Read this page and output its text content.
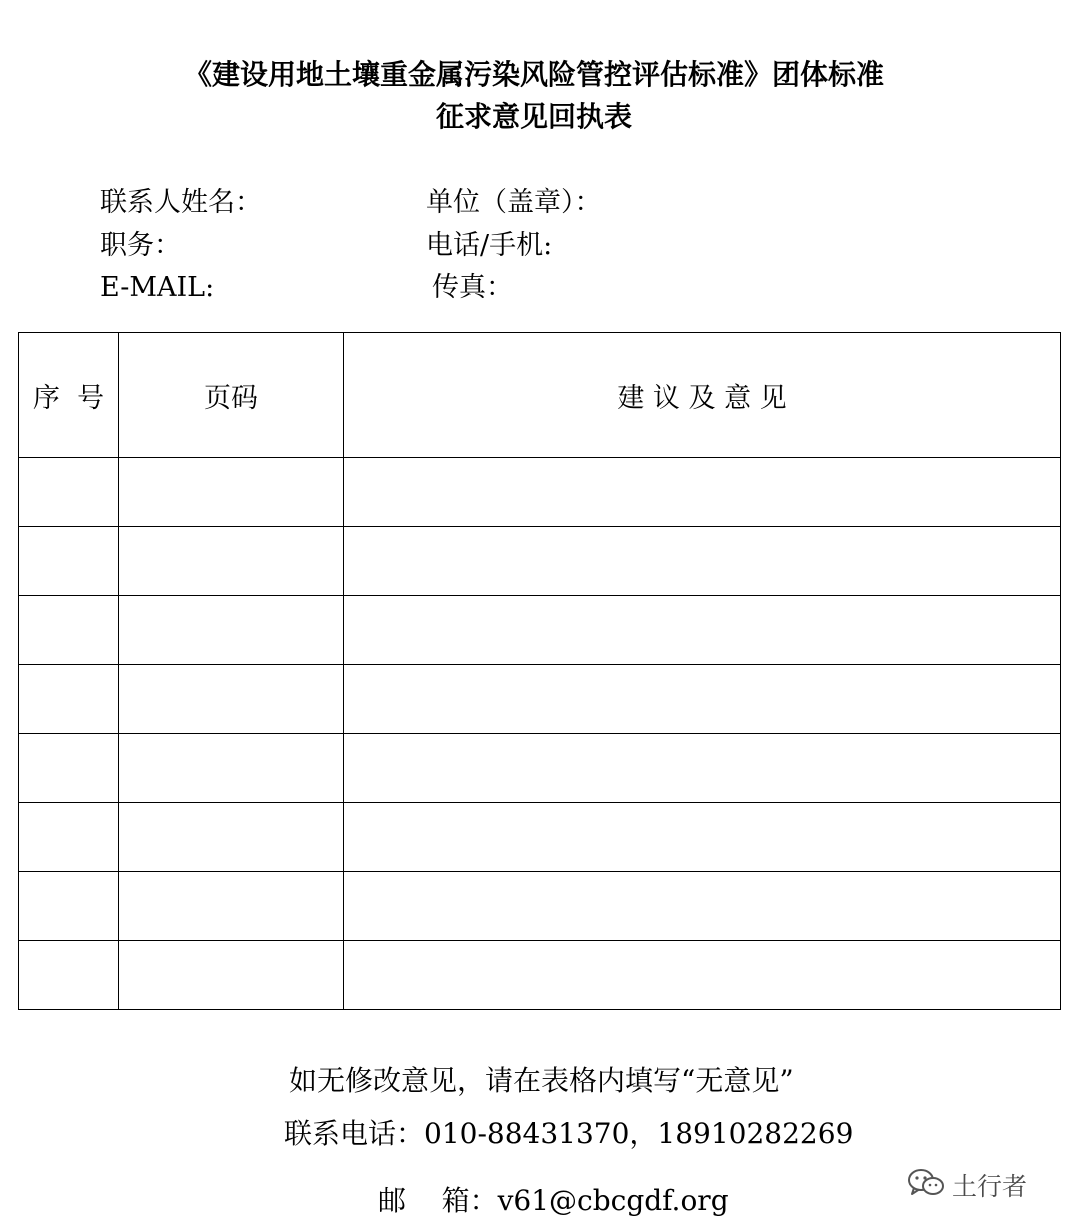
《建设用地土壤重金属污染风险管控评估标准》团体标准
征求意见回执表
联系人姓名：	单位（盖章）：
职务：	电话/手机:
E-MAIL:	传真：
序  号	页码	建 议 及 意 见

如无修改意见，请在表格内填写“无意见”
联系电话：010-88431370，18910282269
邮    箱：v61@cbcgdf.org	土行者
